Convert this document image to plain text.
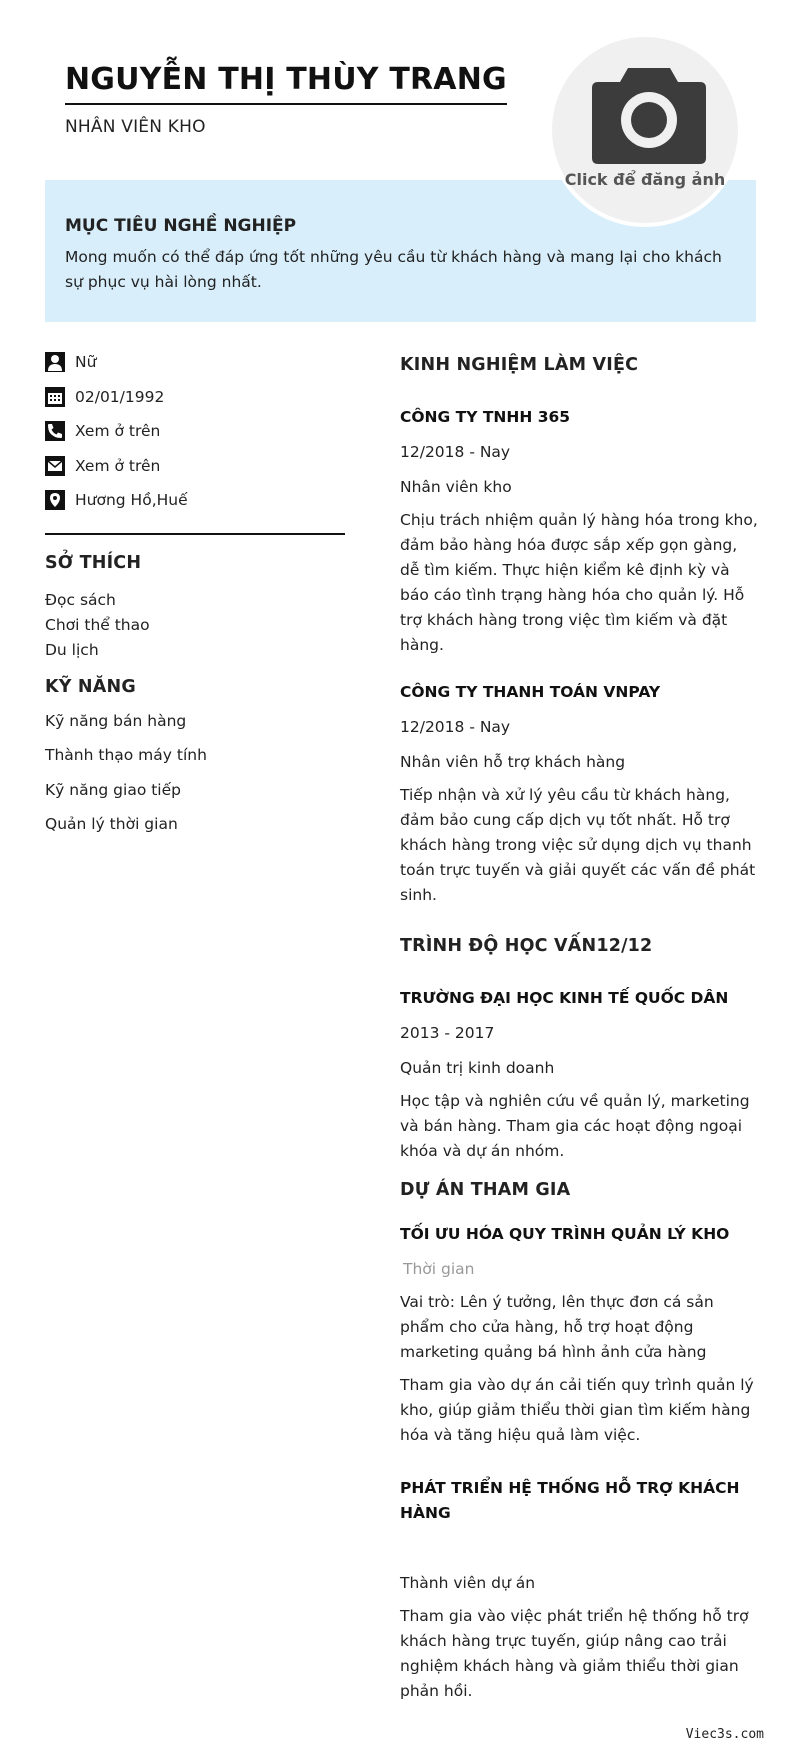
NGUYỄN THỊ THÙY TRANG
NHÂN VIÊN KHO
Click để đăng ảnh
MỤC TIÊU NGHỀ NGHIỆP
Mong muốn có thể đáp ứng tốt những yêu cầu từ khách hàng và mang lại cho khách sự phục vụ hài lòng nhất.
Nữ
02/01/1992
Xem ở trên
Xem ở trên
Hương Hồ,Huế
SỞ THÍCH
Đọc sách
Chơi thể thao
Du lịch
KỸ NĂNG
Kỹ năng bán hàng
Thành thạo máy tính
Kỹ năng giao tiếp
Quản lý thời gian
KINH NGHIỆM LÀM VIỆC
CÔNG TY TNHH 365
12/2018 - Nay
Nhân viên kho
Chịu trách nhiệm quản lý hàng hóa trong kho, đảm bảo hàng hóa được sắp xếp gọn gàng, dễ tìm kiếm. Thực hiện kiểm kê định kỳ và báo cáo tình trạng hàng hóa cho quản lý. Hỗ trợ khách hàng trong việc tìm kiếm và đặt hàng.
CÔNG TY THANH TOÁN VNPAY
12/2018 - Nay
Nhân viên hỗ trợ khách hàng
Tiếp nhận và xử lý yêu cầu từ khách hàng, đảm bảo cung cấp dịch vụ tốt nhất. Hỗ trợ khách hàng trong việc sử dụng dịch vụ thanh toán trực tuyến và giải quyết các vấn đề phát sinh.
TRÌNH ĐỘ HỌC VẤN12/12
TRƯỜNG ĐẠI HỌC KINH TẾ QUỐC DÂN
2013 - 2017
Quản trị kinh doanh
Học tập và nghiên cứu về quản lý, marketing và bán hàng. Tham gia các hoạt động ngoại khóa và dự án nhóm.
DỰ ÁN THAM GIA
TỐI ƯU HÓA QUY TRÌNH QUẢN LÝ KHO
Thời gian
Vai trò: Lên ý tưởng, lên thực đơn cá sản phẩm cho cửa hàng, hỗ trợ hoạt động marketing quảng bá hình ảnh cửa hàng
Tham gia vào dự án cải tiến quy trình quản lý kho, giúp giảm thiểu thời gian tìm kiếm hàng hóa và tăng hiệu quả làm việc.
PHÁT TRIỂN HỆ THỐNG HỖ TRỢ KHÁCH HÀNG
Thành viên dự án
Tham gia vào việc phát triển hệ thống hỗ trợ khách hàng trực tuyến, giúp nâng cao trải nghiệm khách hàng và giảm thiểu thời gian phản hồi.
Viec3s.com
